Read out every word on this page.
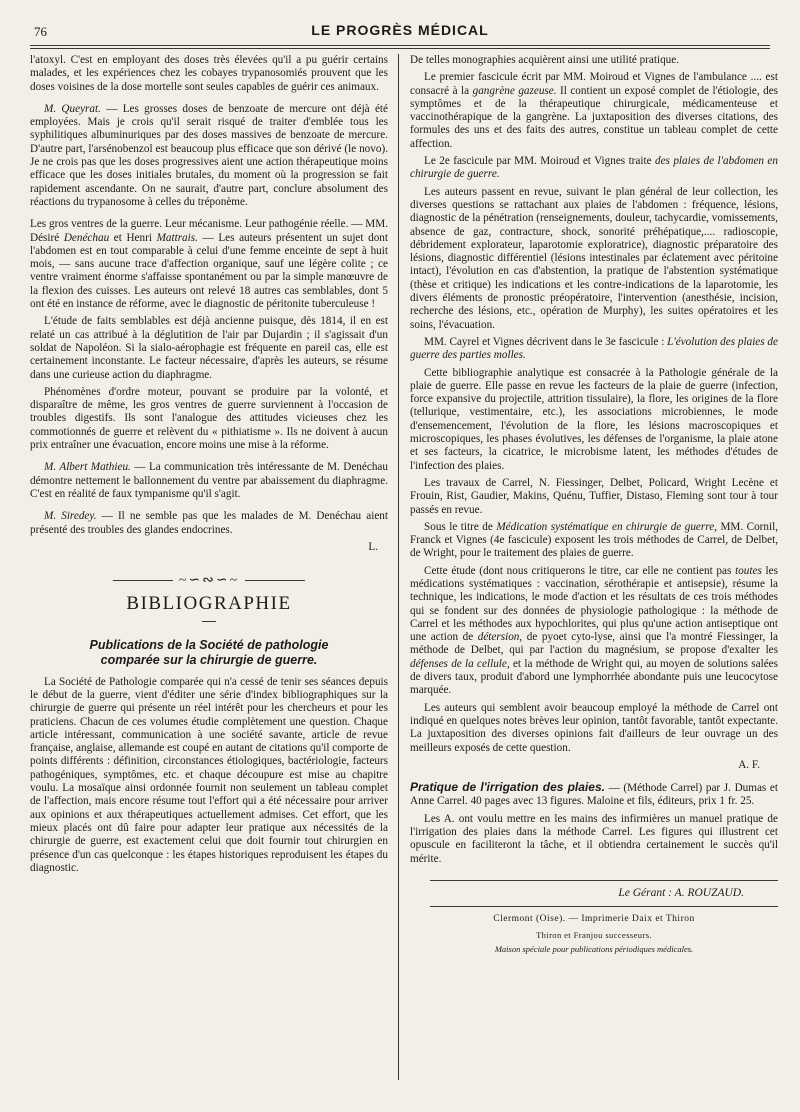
76	LE PROGRÈS MÉDICAL

l'atoxyl. C'est en employant des doses très élevées qu'il a pu guérir certains malades, et les expériences chez les cobayes trypanosomiés prouvent que les doses voisines de la dose mortelle sont seules capables de guérir ces animaux.

M. Queyrat. — Les grosses doses de benzoate de mercure ont déjà été employées. Mais je crois qu'il serait risqué de traiter d'emblée tous les syphilitiques albuminuriques par des doses massives de benzoate de mercure. D'autre part, l'arsénobenzol est beaucoup plus efficace que son dérivé (le novo). Je ne crois pas que les doses progressives aient une action thérapeutique moins efficace que les doses initiales brutales, du moment où la progression se fait rapidement ascendante. On ne saurait, d'autre part, conclure absolument des réactions du trypanosome à celles du tréponème.

Les gros ventres de la guerre. Leur mécanisme. Leur pathogénie réelle. — MM. Désiré Denéchau et Henri Mattrais. — Les auteurs présentent un sujet dont l'abdomen est en tout comparable à celui d'une femme enceinte de sept à huit mois, — sans aucune trace d'affection organique, sauf une légère colite ; ce ventre vraiment énorme s'affaisse spontanément ou par la simple manœuvre de la flexion des cuisses. Les auteurs ont relevé 18 autres cas semblables, dont 5 ont été en instance de réforme, avec le diagnostic de péritonite tuberculeuse !

L'étude de faits semblables est déjà ancienne puisque, dès 1814, il en est relaté un cas attribué à la déglutition de l'air par Dujardin ; il s'agissait d'un soldat de Napoléon. Si la sialo-aérophagie est fréquente en pareil cas, elle est certainement inconstante. Le facteur nécessaire, d'après les auteurs, se résume dans une curieuse action du diaphragme.

Phénomènes d'ordre moteur, pouvant se produire par la volonté, et disparaître de même, les gros ventres de guerre surviennent à l'occasion de troubles digestifs. Ils sont l'analogue des attitudes vicieuses chez les commotionnés de guerre et relèvent du « pithiatisme ». Ils ne doivent à aucun prix entraîner une évacuation, encore moins une mise à la réforme.

M. Albert Mathieu. — La communication très intéressante de M. Denéchau démontre nettement le ballonnement du ventre par abaissement du diaphragme. C'est en réalité de faux tympanisme qu'il s'agit.

M. Siredey. — Il ne semble pas que les malades de M. Denéchau aient présenté des troubles des glandes endocrines.

L.
~∽∾∽~
BIBLIOGRAPHIE
Publications de la Société de pathologie
comparée sur la chirurgie de guerre.

La Société de Pathologie comparée qui n'a cessé de tenir ses séances depuis le début de la guerre, vient d'éditer une série d'index bibliographiques sur la chirurgie de guerre qui présente un réel intérêt pour les chercheurs et pour les praticiens. Chacun de ces volumes étudie complètement une question. Chaque article intéressant, communication à une société savante, article de revue française, anglaise, allemande est coupé en autant de citations qu'il comporte de points différents : définition, circonstances étiologiques, bactériologie, facteurs pathogéniques, symptômes, etc. et chaque découpure est mise au chapitre voulu. La mosaïque ainsi ordonnée fournit non seulement un tableau complet de l'affection, mais encore résume tout l'effort qui a été nécessaire pour arriver aux opinions et aux thérapeutiques actuellement admises. Cet effort, que les mieux placés ont dû faire pour adapter leur pratique aux nécessités de la chirurgie de guerre, est exactement celui que doit fournir tout chirurgien en présence d'un cas quelconque : les étapes historiques reproduisent les étapes du diagnostic.

De telles monographies acquièrent ainsi une utilité pratique.

Le premier fascicule écrit par MM. Moiroud et Vignes de l'ambulance .... est consacré à la gangrène gazeuse. Il contient un exposé complet de l'étiologie, des symptômes et de la thérapeutique chirurgicale, médicamenteuse et vaccinothérapique de la gangrène. La juxtaposition des diverses citations, des formules des uns et des faits des autres, constitue un tableau complet de cette affection.

Le 2e fascicule par MM. Moiroud et Vignes traite des plaies de l'abdomen en chirurgie de guerre.

Les auteurs passent en revue, suivant le plan général de leur collection, les diverses questions se rattachant aux plaies de l'abdomen : fréquence, lésions, diagnostic de la pénétration (renseignements, douleur, tachycardie, vomissements, absence de gaz, contracture, shock, sonorité préhépatique,.... radioscopie, débridement explorateur, laparotomie exploratrice), diagnostic préparatoire des lésions, diagnostic différentiel (lésions intestinales par éclatement avec péritoine intact), l'évolution en cas d'abstention, la pratique de l'abstention systématique (thèse et critique) les indications et les contre-indications de la laparotomie, les divers éléments de pronostic préopératoire, l'intervention (anesthésie, incision, recherche des lésions, etc., opération de Murphy), les suites opératoires et les soins, l'évacuation.

MM. Cayrel et Vignes décrivent dans le 3e fascicule : L'évolution des plaies de guerre des parties molles.

Cette bibliographie analytique est consacrée à la Pathologie générale de la plaie de guerre. Elle passe en revue les facteurs de la plaie de guerre (infection, force expansive du projectile, attrition tissulaire), la flore, les origines de la flore (tellurique, vestimentaire, etc.), les associations microbiennes, le mode d'ensemencement, l'évolution de la flore, les lésions macroscopiques et microscopiques, les phases évolutives, les défenses de l'organisme, la plaie atone et ses facteurs, la cicatrice, le microbisme latent, les méthodes d'études de l'infection des plaies.

Les travaux de Carrel, N. Fiessinger, Delbet, Policard, Wright Lecène et Frouin, Rist, Gaudier, Makins, Quénu, Tuffier, Distaso, Fleming sont tour à tour passés en revue.

Sous le titre de Médication systématique en chirurgie de guerre, MM. Cornil, Franck et Vignes (4e fascicule) exposent les trois méthodes de Carrel, de Delbet, de Wright, pour le traitement des plaies de guerre.

Cette étude (dont nous critiquerons le titre, car elle ne contient pas toutes les médications systématiques : vaccination, sérothérapie et antisepsie), résume la technique, les indications, le mode d'action et les résultats de ces trois méthodes qui se fondent sur des données de physiologie pathologique : la méthode de Carrel et les méthodes aux hypochlorites, qui plus qu'une action antiseptique ont une action de détersion, de pyoet cyto-lyse, ainsi que l'a montré Fiessinger, la méthode de Delbet, qui par l'action du magnésium, se propose d'exalter les défenses de la cellule, et la méthode de Wright qui, au moyen de solutions salées de divers taux, produit d'abord une lymphorrhée abondante puis une leucocytose marquée.

Les auteurs qui semblent avoir beaucoup employé la méthode de Carrel ont indiqué en quelques notes brèves leur opinion, tantôt favorable, tantôt expectante. La juxtaposition des diverses opinions fait d'ailleurs de leur ouvrage un des meilleurs exposés de cette question.

A. F.

Pratique de l'irrigation des plaies. — (Méthode Carrel) par J. Dumas et Anne Carrel. 40 pages avec 13 figures. Maloine et fils, éditeurs, prix 1 fr. 25.

Les A. ont voulu mettre en les mains des infirmières un manuel pratique de l'irrigation des plaies dans la méthode Carrel. Les figures qui illustrent cet opuscule en faciliteront la tâche, et il obtiendra certainement le succès qu'il mérite.

Le Gérant : A. ROUZAUD.
Clermont (Oise). — Imprimerie Daix et Thiron
Thiron et Franjou successeurs.
Maison spéciale pour publications périodiques médicales.
